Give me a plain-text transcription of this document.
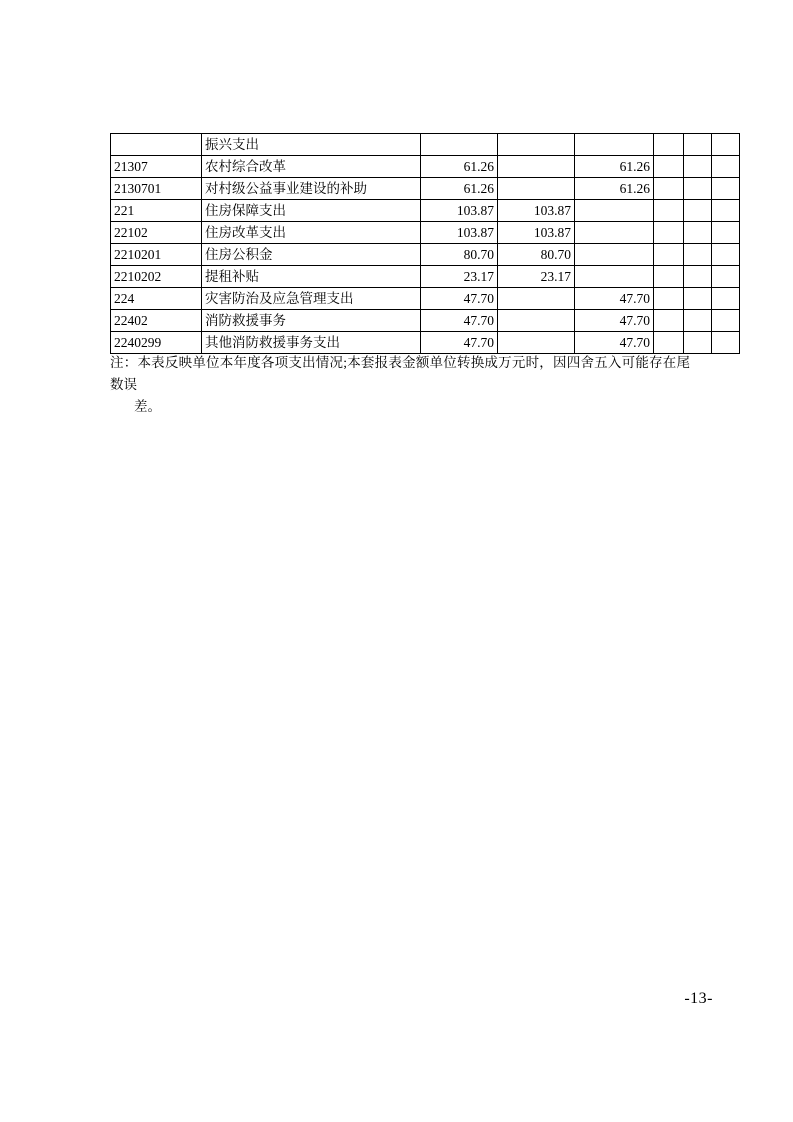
	振兴支出						
21307	农村综合改革	61.26		61.26			
2130701	对村级公益事业建设的补助	61.26		61.26			
221	住房保障支出	103.87	103.87				
22102	住房改革支出	103.87	103.87				
2210201	住房公积金	80.70	80.70				
2210202	提租补贴	23.17	23.17				
224	灾害防治及应急管理支出	47.70		47.70			
22402	消防救援事务	47.70		47.70			
2240299	其他消防救援事务支出	47.70		47.70			
注：本表反映单位本年度各项支出情况;本套报表金额单位转换成万元时，因四舍五入可能存在尾数误
差。
-13-
